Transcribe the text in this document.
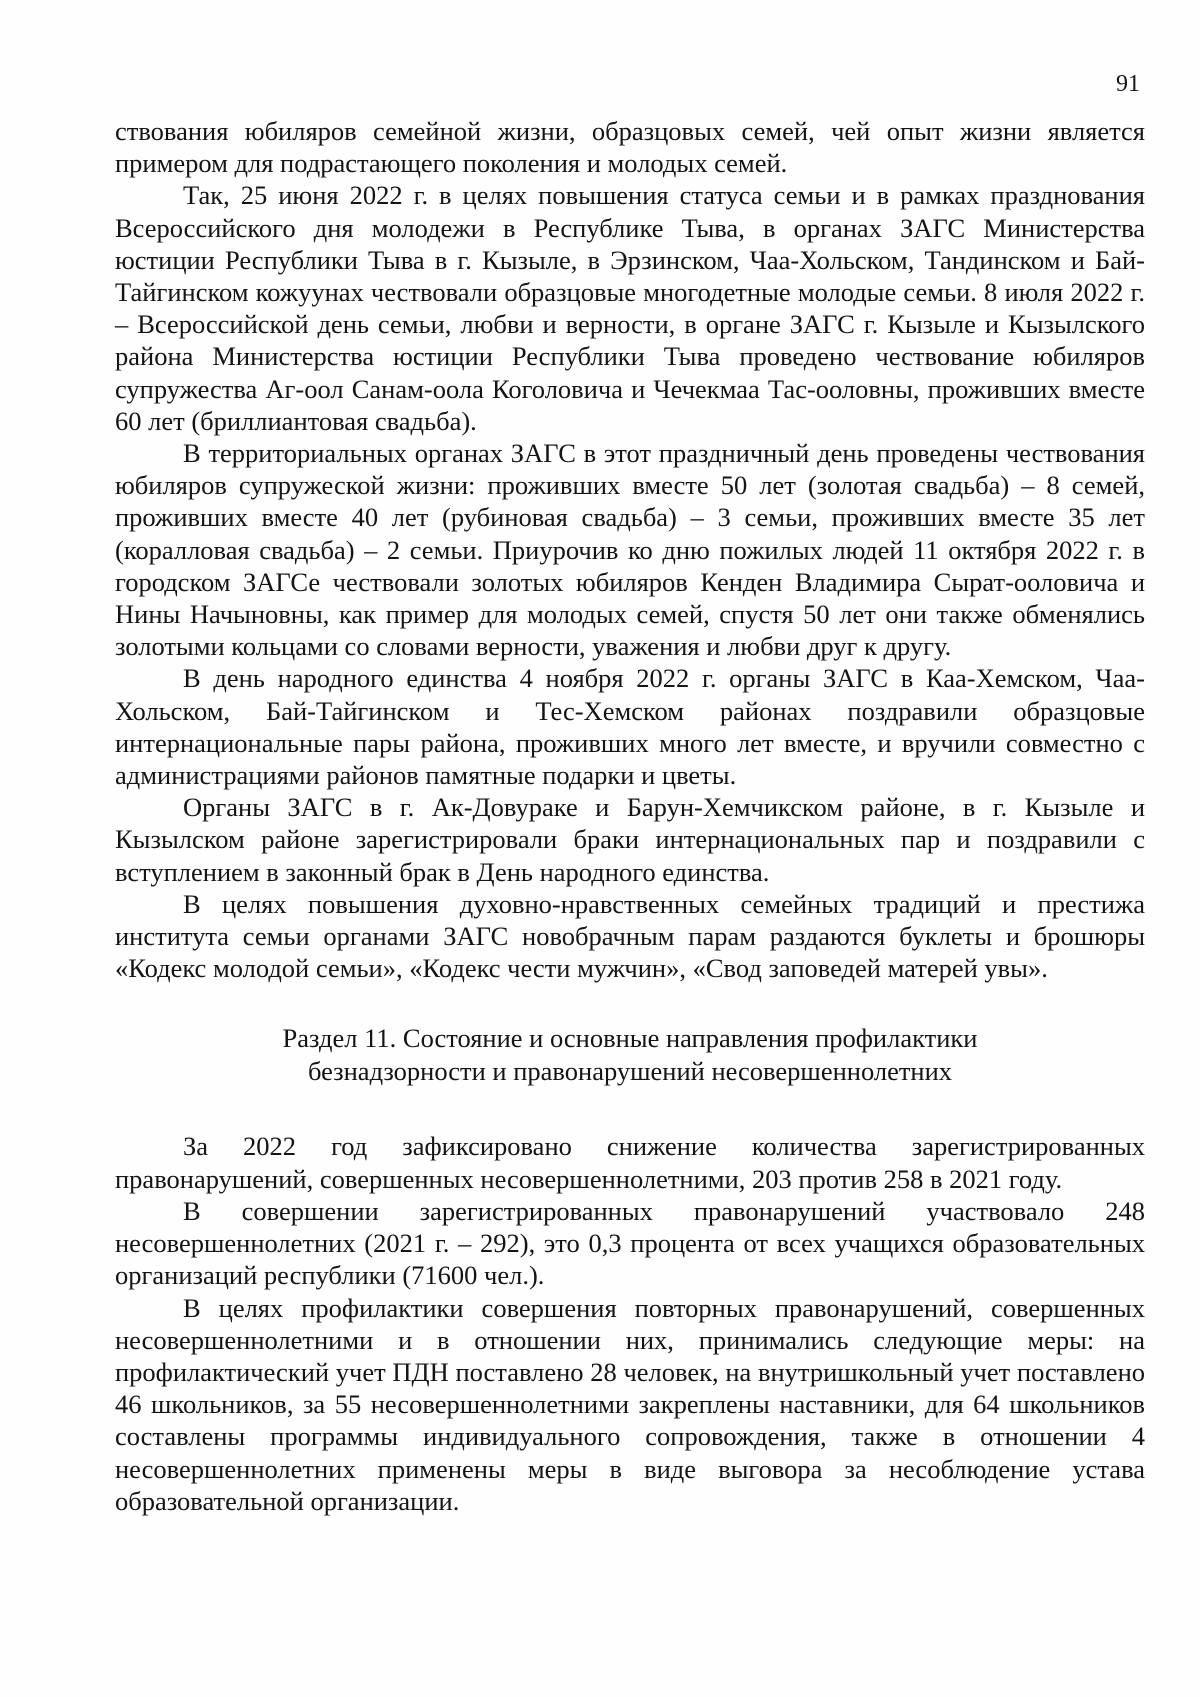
91

ствования юбиляров семейной жизни, образцовых семей, чей опыт жизни является примером для подрастающего поколения и молодых семей.

Так, 25 июня 2022 г. в целях повышения статуса семьи и в рамках празднования Всероссийского дня молодежи в Республике Тыва, в органах ЗАГС Министерства юстиции Республики Тыва в г. Кызыле, в Эрзинском, Чаа-Хольском, Тандинском и Бай-Тайгинском кожуунах чествовали образцовые многодетные молодые семьи. 8 июля 2022 г. – Всероссийской день семьи, любви и верности, в органе ЗАГС г. Кызыле и Кызылского района Министерства юстиции Республики Тыва проведено чествование юбиляров супружества Аг-оол Санам-оола Коголовича и Чечекмаа Тас-ооловны, проживших вместе 60 лет (бриллиантовая свадьба).

В территориальных органах ЗАГС в этот праздничный день проведены чествования юбиляров супружеской жизни: проживших вместе 50 лет (золотая свадьба) – 8 семей, проживших вместе 40 лет (рубиновая свадьба) – 3 семьи, проживших вместе 35 лет (коралловая свадьба) – 2 семьи. Приурочив ко дню пожилых людей 11 октября 2022 г. в городском ЗАГСе чествовали золотых юбиляров Кенден Владимира Сырат-ооловича и Нины Начыновны, как пример для молодых семей, спустя 50 лет они также обменялись золотыми кольцами со словами верности, уважения и любви друг к другу.

В день народного единства 4 ноября 2022 г. органы ЗАГС в Каа-Хемском, Чаа-Хольском, Бай-Тайгинском и Тес-Хемском районах поздравили образцовые интернациональные пары района, проживших много лет вместе, и вручили совместно с администрациями районов памятные подарки и цветы.

Органы ЗАГС в г. Ак-Довураке и Барун-Хемчикском районе, в г. Кызыле и Кызылском районе зарегистрировали браки интернациональных пар и поздравили с вступлением в законный брак в День народного единства.

В целях повышения духовно-нравственных семейных традиций и престижа института семьи органами ЗАГС новобрачным парам раздаются буклеты и брошюры «Кодекс молодой семьи», «Кодекс чести мужчин», «Свод заповедей матерей увы».

Раздел 11. Состояние и основные направления профилактики
безнадзорности и правонарушений несовершеннолетних

За 2022 год зафиксировано снижение количества зарегистрированных правонарушений, совершенных несовершеннолетними, 203 против 258 в 2021 году.

В совершении зарегистрированных правонарушений участвовало 248 несовершеннолетних (2021 г. – 292), это 0,3 процента от всех учащихся образовательных организаций республики (71600 чел.).

В целях профилактики совершения повторных правонарушений, совершенных несовершеннолетними и в отношении них, принимались следующие меры: на профилактический учет ПДН поставлено 28 человек, на внутришкольный учет поставлено 46 школьников, за 55 несовершеннолетними закреплены наставники, для 64 школьников составлены программы индивидуального сопровождения, также в отношении 4 несовершеннолетних применены меры в виде выговора за несоблюдение устава образовательной организации.
